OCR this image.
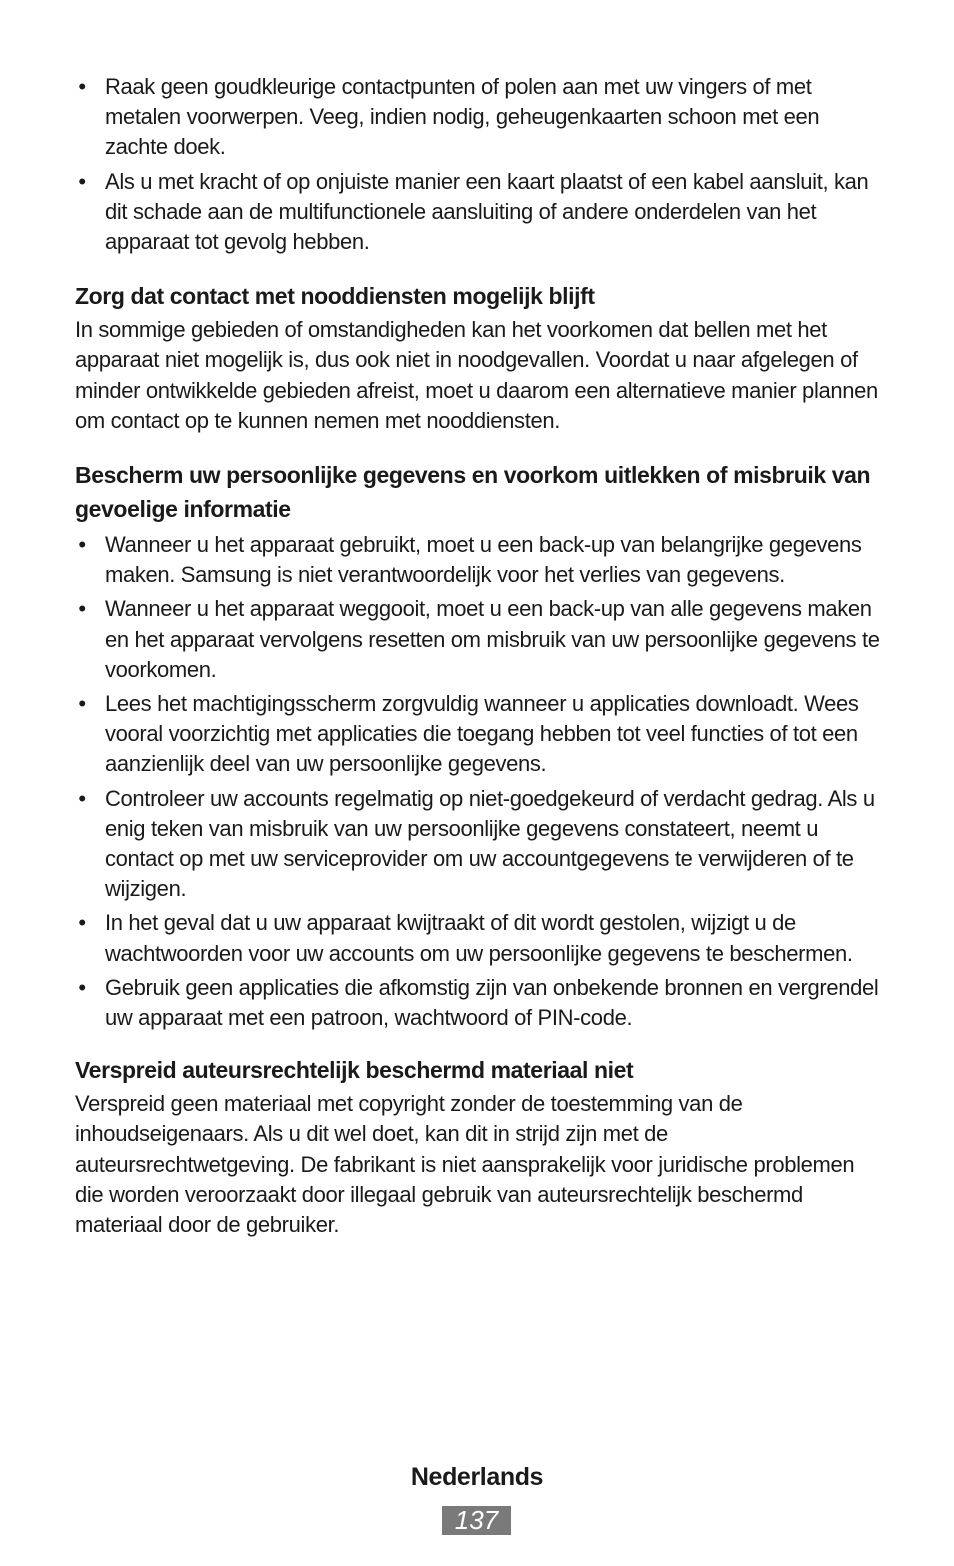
• Raak geen goudkleurige contactpunten of polen aan met uw vingers of met metalen voorwerpen. Veeg, indien nodig, geheugenkaarten schoon met een zachte doek.
• Als u met kracht of op onjuiste manier een kaart plaatst of een kabel aansluit, kan dit schade aan de multifunctionele aansluiting of andere onderdelen van het apparaat tot gevolg hebben.
Zorg dat contact met nooddiensten mogelijk blijft

In sommige gebieden of omstandigheden kan het voorkomen dat bellen met het apparaat niet mogelijk is, dus ook niet in noodgevallen. Voordat u naar afgelegen of minder ontwikkelde gebieden afreist, moet u daarom een alternatieve manier plannen om contact op te kunnen nemen met nooddiensten.

Bescherm uw persoonlijke gegevens en voorkom uitlekken of misbruik van gevoelige informatie
• Wanneer u het apparaat gebruikt, moet u een back-up van belangrijke gegevens maken. Samsung is niet verantwoordelijk voor het verlies van gegevens.
• Wanneer u het apparaat weggooit, moet u een back-up van alle gegevens maken en het apparaat vervolgens resetten om misbruik van uw persoonlijke gegevens te voorkomen.
• Lees het machtigingsscherm zorgvuldig wanneer u applicaties downloadt. Wees vooral voorzichtig met applicaties die toegang hebben tot veel functies of tot een aanzienlijk deel van uw persoonlijke gegevens.
• Controleer uw accounts regelmatig op niet-goedgekeurd of verdacht gedrag. Als u enig teken van misbruik van uw persoonlijke gegevens constateert, neemt u contact op met uw serviceprovider om uw accountgegevens te verwijderen of te wijzigen.
• In het geval dat u uw apparaat kwijtraakt of dit wordt gestolen, wijzigt u de wachtwoorden voor uw accounts om uw persoonlijke gegevens te beschermen.
• Gebruik geen applicaties die afkomstig zijn van onbekende bronnen en vergrendel uw apparaat met een patroon, wachtwoord of PIN-code.
Verspreid auteursrechtelijk beschermd materiaal niet

Verspreid geen materiaal met copyright zonder de toestemming van de inhoudseigenaars. Als u dit wel doet, kan dit in strijd zijn met de auteursrechtwetgeving. De fabrikant is niet aansprakelijk voor juridische problemen die worden veroorzaakt door illegaal gebruik van auteursrechtelijk beschermd materiaal door de gebruiker.

Nederlands
137
